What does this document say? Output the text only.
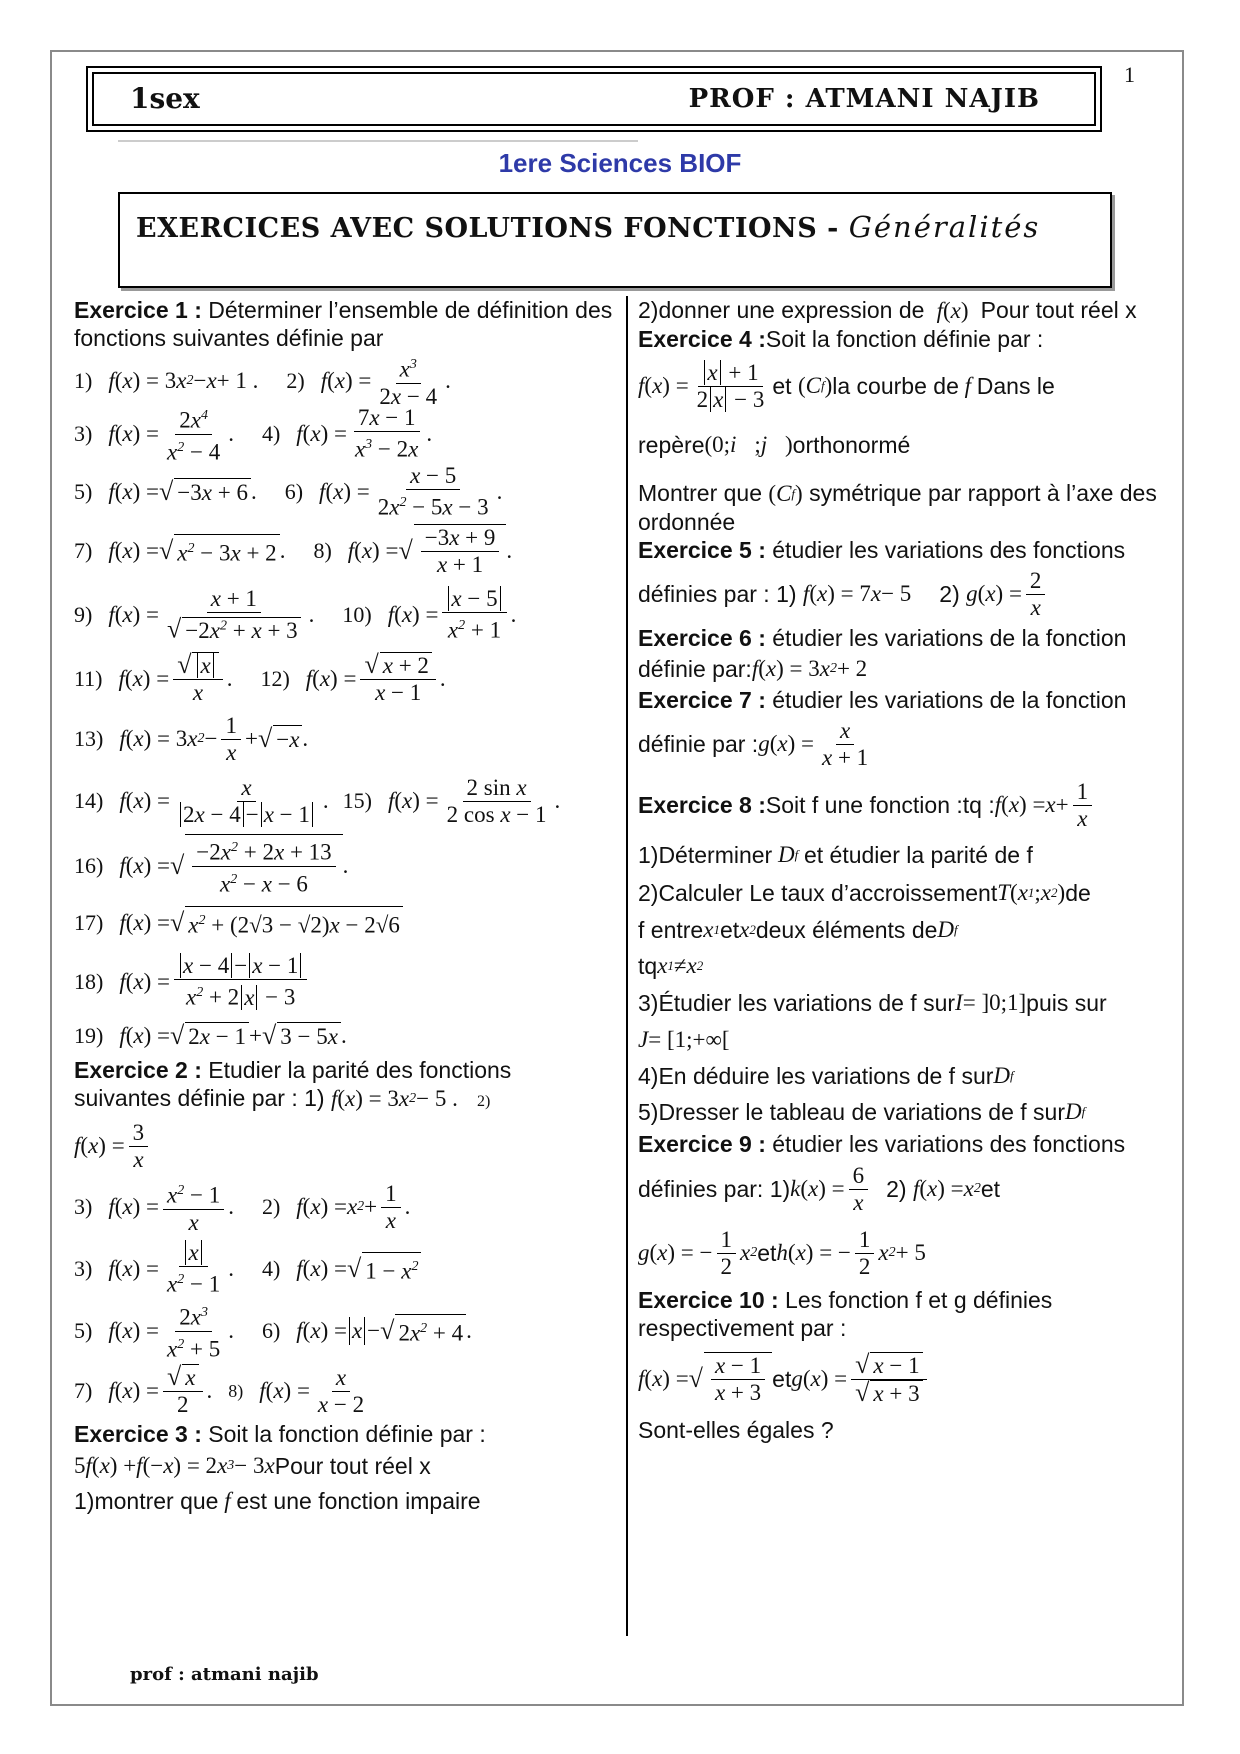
1
1sex	PROF : ATMANI NAJIB
1ere Sciences BIOF
EXERCICES AVEC SOLUTIONS FONCTIONS - Généralités

Exercice 1 : Déterminer l’ensemble de définition des fonctions suivantes définie par

1) f ( x ) = 3 x 2 − x + 1 . 2) f ( x ) = $\frac{x^3}{2x - 4}$ .
3) f ( x ) = $\frac{2x^4}{x^2 - 4}$ . 4) f ( x ) = $\frac{7x - 1}{x^3 - 2x}$ .
5) f ( x ) = √ −3x + 6 . 6) f ( x ) = $\frac{x - 5}{2x^2 - 5x - 3}$ .
7) f ( x ) = √ $x^2 - 3x + 2$ . 8) f ( x ) = √ $\frac{-3x + 9}{x + 1}$ .
9) f ( x ) = $\frac{x + 1}{√ -2x^2 + x + 3}$ . 10) f ( x ) = $\frac{x - 5}{x^2 + 1}$ .
11) f ( x ) = $\frac{√ x}{x}$ . 12) f ( x ) = $\frac{√ x + 2}{x - 1}$ .
13) f ( x ) = 3 x $2 - \frac{1}{x}$ + √ −x .
14) f ( x ) = $\frac{x}{2x - 4 - x - 1}$ . 15) f ( x ) = $\frac{\text{2 sin x}}{\text{2 cos x − 1}}$ .
16) f ( x ) = √ $\frac{-2x^2 + 2x + 13}{x^2 - x - 6}$ .
17) f ( x ) = √ $x^2 + (2√3 - √2)x - 2√6$
18) f ( x ) = $\frac{x - 4 - x - 1}{x^2 + 2 x - 3}$
19) f ( x ) = √ 2x − 1 + √ 3 − 5x .

Exercice 2 : Etudier la parité des fonctions suivantes définie par : 1) f ( x ) = 3 x 2 − 5 . 2)

f ( x ) = $\frac{3}{x}$
3) f ( x ) = $\frac{x^2 - 1}{x}$ . 2) f ( x ) = x $2 + \frac{1}{x}$ .
3) f ( x ) = $\frac{x}{x^2 - 1}$ . 4) f ( x ) = √ $1 - x^2$
5) f ( x ) = $\frac{2x^3}{x^2 + 5}$ . 6) f ( x ) = x − √ $2x^2 + 4$ .
7) f ( x ) = $\frac{√ x}{2}$ . 8) f ( x ) = $\frac{x}{x - 2}$

Exercice 3 : Soit la fonction définie par :

5 f ( x ) + f (− x ) = 2 x 3 − 3 x Pour tout réel x
1)montrer que f est une fonction impaire

2)donner une expression de  f ( x ) Pour tout réel x

Exercice 4 :Soit la fonction définie par :

f ( x ) = $\frac{x + 1}{2 x - 3}$ et
( C f ) la courbe de f Dans le
repère (0; i⃗ ; j⃗ ) orthonormé

Montrer que ( C f ) symétrique par rapport à l’axe des ordonnée

Exercice 5 : étudier les variations des fonctions

définies par : 1)
f ( x ) = 7 x − 5 2)
g ( x ) = $\frac{2}{x}$

Exercice 6 : étudier les variations de la fonction

définie par: f ( x ) = 3 x 2 + 2

Exercice 7 : étudier les variations de la fonction

définie par : g ( x ) = $\frac{x}{x + 1}$
Exercice 8 : Soit f une fonction :tq : f ( x ) = $x + \frac{1}{x}$
1)Déterminer D f
et étudier la parité de f
2)Calculer Le taux d’accroissement T ( x 1 ; x 2 ) de
f entre x 1 et x 2 deux éléments de D f
tq x 1 ≠ x 2
3)Étudier les variations de f sur I = ]0;1] puis sur
J = [1;+∞[
4)En déduire les variations de f sur D f
5)Dresser le tableau de variations de f sur D f

Exercice 9 : étudier les variations des fonctions

définies par: 1) k ( x ) = $\frac{6}{x} 2$)
f ( x ) = x 2 et
g ( x ) = − $\frac{1}{2}$ x 2 et h ( x ) = − $\frac{1}{2}$ x 2 + 5

Exercice 10 : Les fonction f et g définies respectivement par :

f ( x ) = √ $\frac{x - 1}{x + 3}$ et g ( x ) = $\frac{√ x - 1}{√ x + 3}$

Sont-elles égales ?

prof : atmani najib
